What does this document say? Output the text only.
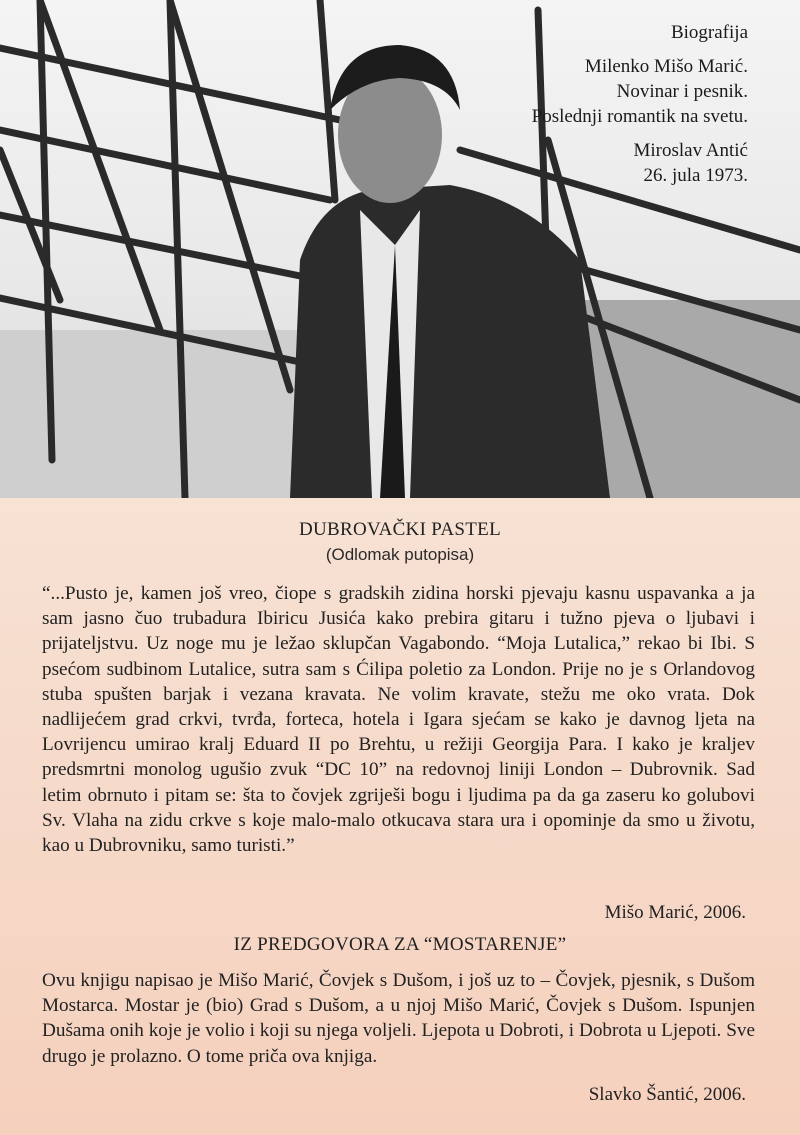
Biografija

Milenko Mišo Marić.

Novinar i pesnik.

Poslednji romantik na svetu.

Miroslav Antić

26. jula 1973.

DUBROVAČKI PASTEL
(Odlomak putopisa)
“...Pusto je, kamen još vreo, čiope s gradskih zidina horski pjevaju kasnu uspavanka a ja sam jasno čuo trubadura Ibiricu Jusića kako prebira gitaru i tužno pjeva o ljubavi i prijateljstvu. Uz noge mu je ležao sklupčan Vagabondo. “Moja Lutalica,” rekao bi Ibi. S psećom sudbinom Lutalice, sutra sam s Ćilipa poletio za London. Prije no je s Orlandovog stuba spušten barjak i vezana kravata. Ne volim kravate, stežu me oko vrata. Dok nadlijećem grad crkvi, tvrđa, forteca, hotela i Igara sjećam se kako je davnog ljeta na Lovrijencu umirao kralj Eduard II po Brehtu, u režiji Georgija Para. I kako je kraljev predsmrtni monolog ugušio zvuk “DC 10” na redovnoj liniji London – Dubrovnik. Sad letim obrnuto i pitam se: šta to čovjek zgriješi bogu i ljudima pa da ga zaseru ko golubovi Sv. Vlaha na zidu crkve s koje malo-malo otkucava stara ura i opominje da smo u životu, kao u Dubrovniku, samo turisti.”
Mišo Marić, 2006.
IZ PREDGOVORA ZA “MOSTARENJE”
Ovu knjigu napisao je Mišo Marić, Čovjek s Dušom, i još uz to – Čovjek, pjesnik, s Dušom Mostarca. Mostar je (bio) Grad s Dušom, a u njoj Mišo Marić, Čovjek s Dušom. Ispunjen Dušama onih koje je volio i koji su njega voljeli. Ljepota u Dobroti, i Dobrota u Ljepoti. Sve drugo je prolazno. O tome priča ova knjiga.
Slavko Šantić, 2006.
